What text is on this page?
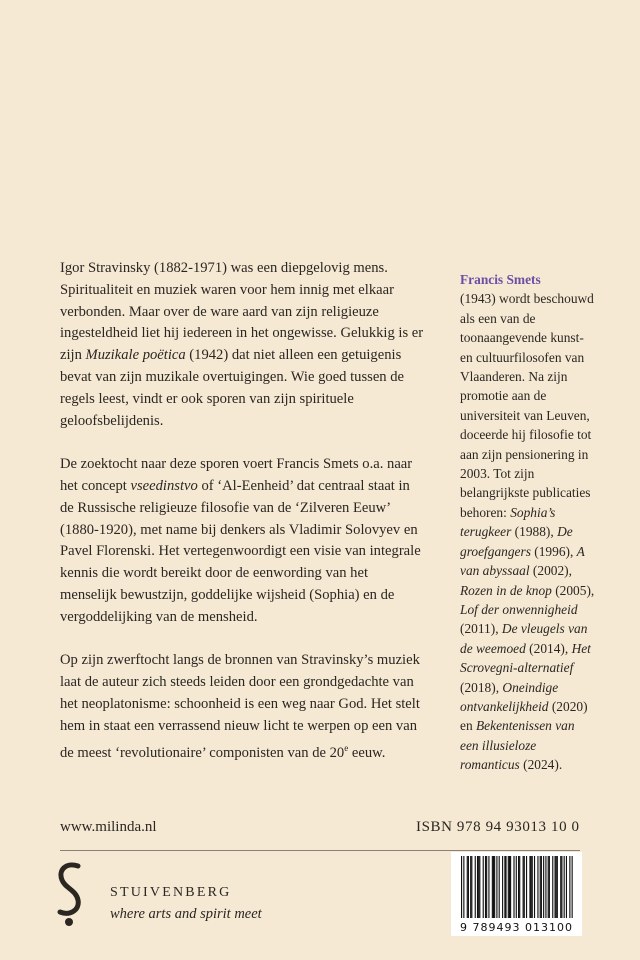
Igor Stravinsky (1882-1971) was een diepgelovig mens. Spiritualiteit en muziek waren voor hem innig met elkaar verbonden. Maar over de ware aard van zijn religieuze ingesteldheid liet hij iedereen in het ongewisse. Gelukkig is er zijn Muzikale poëtica (1942) dat niet alleen een getuigenis bevat van zijn muzikale overtuigingen. Wie goed tussen de regels leest, vindt er ook sporen van zijn spirituele geloofsbelijdenis.

De zoektocht naar deze sporen voert Francis Smets o.a. naar het concept vseedinstvo of ‘Al-Eenheid’ dat centraal staat in de Russische religieuze filosofie van de ‘Zilveren Eeuw’ (1880-1920), met name bij denkers als Vladimir Solovyev en Pavel Florenski. Het vertegenwoordigt een visie van integrale kennis die wordt bereikt door de eenwording van het menselijk bewustzijn, goddelijke wijsheid (Sophia) en de vergoddelijking van de mensheid.

Op zijn zwerftocht langs de bronnen van Stravinsky’s muziek laat de auteur zich steeds leiden door een grondgedachte van het neoplatonisme: schoonheid is een weg naar God. Het stelt hem in staat een verrassend nieuw licht te werpen op een van de meest ‘revolutionaire’ componisten van de 20e eeuw.

Francis Smets
(1943) wordt beschouwd als een van de toonaangevende kunst- en cultuurfilosofen van Vlaanderen. Na zijn promotie aan de universiteit van Leuven, doceerde hij filosofie tot aan zijn pensionering in 2003. Tot zijn belangrijkste publicaties behoren: Sophia’s terugkeer (1988), De groefgangers (1996), A van abyssaal (2002), Rozen in de knop (2005), Lof der onwennigheid (2011), De vleugels van de weemoed (2014), Het Scrovegni-alternatief (2018), Oneindige ontvankelijkheid (2020) en Bekentenissen van een illusieloze romanticus (2024).
www.milinda.nl	ISBN 978 94 93013 10 0
STUIVENBERG
where arts and spirit meet
9 789493 013100
